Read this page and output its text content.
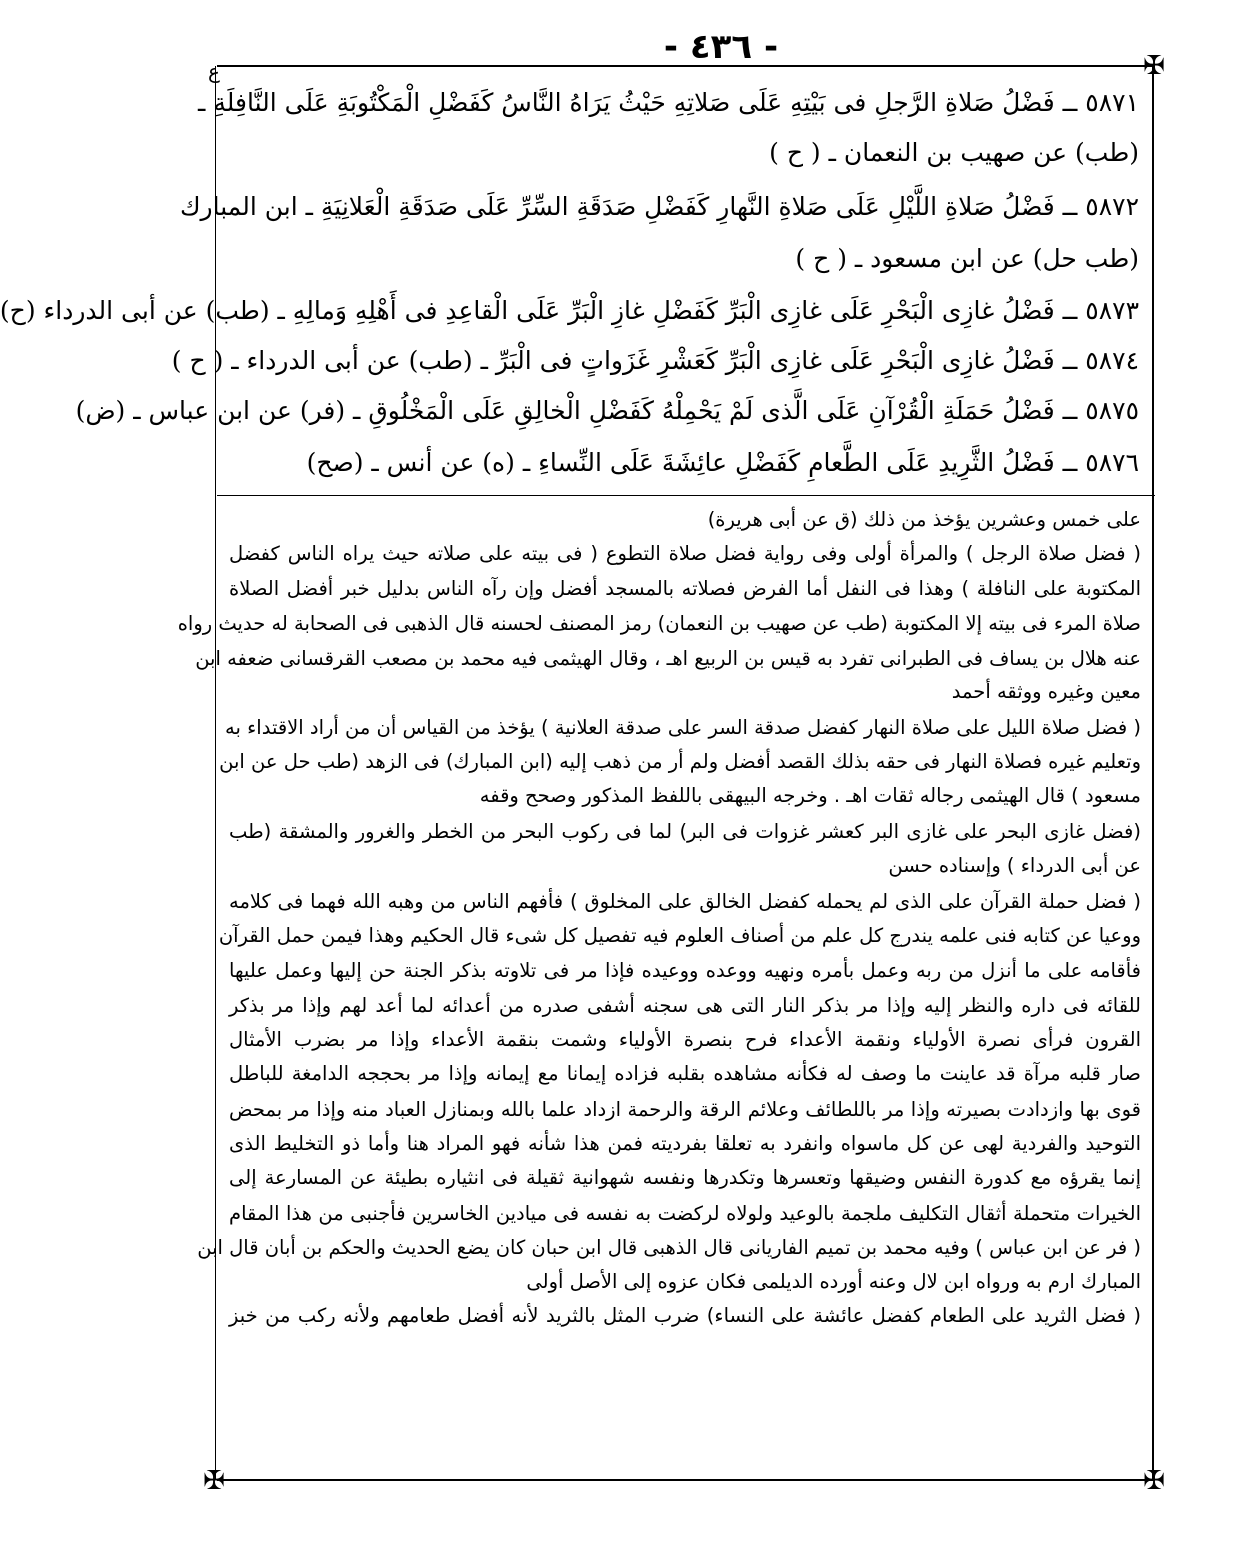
- ٤٣٦ -	✠
✠
✠
ع
٥٨٧١ ــ فَضْلُ صَلاةِ الرَّجلِ فى بَيْتِهِ عَلَى صَلاتِهِ حَيْثُ يَرَاهُ النَّاسُ كَفَضْلِ الْمَكْتُوبَةِ عَلَى النَّافِلَةِ ـ
(طب) عن صهيب بن النعمان ـ ( ح )
٥٨٧٢ ــ فَضْلُ صَلاةِ اللَّيْلِ عَلَى صَلاةِ النَّهارِ كَفَضْلِ صَدَقَةِ السِّرِّ عَلَى صَدَقَةِ الْعَلانِيَةِ ـ ابن المبارك
(طب حل) عن ابن مسعود ـ ( ح )
٥٨٧٣ ــ فَضْلُ غازِى الْبَحْرِ عَلَى غازِى الْبَرِّ كَفَضْلِ غازِ الْبَرِّ عَلَى الْقاعِدِ فى أَهْلِهِ وَمالِهِ ـ (طب) عن أبى الدرداء (ح)
٥٨٧٤ ــ فَضْلُ غازِى الْبَحْرِ عَلَى غازِى الْبَرِّ كَعَشْرِ غَزَواتٍ فى الْبَرِّ ـ (طب) عن أبى الدرداء ـ ( ح )
٥٨٧٥ ــ فَضْلُ حَمَلَةِ الْقُرْآنِ عَلَى الَّذى لَمْ يَحْمِلْهُ كَفَضْلِ الْخالِقِ عَلَى الْمَخْلُوقِ ـ (فر) عن ابن عباس ـ (ض)
٥٨٧٦ ــ فَضْلُ الثَّرِيدِ عَلَى الطَّعامِ كَفَضْلِ عائِشَةَ عَلَى النِّساءِ ـ (ه) عن أنس ـ (صح)
على خمس وعشرين يؤخذ من ذلك (ق عن أبى هريرة)
( فضل صلاة الرجل ) والمرأة أولى وفى رواية فضل صلاة التطوع ( فى بيته على صلاته حيث يراه الناس كفضل
المكتوبة على النافلة ) وهذا فى النفل أما الفرض فصلاته بالمسجد أفضل وإن رآه الناس بدليل خبر أفضل الصلاة
صلاة المرء فى بيته إلا المكتوبة (طب عن صهيب بن النعمان) رمز المصنف لحسنه قال الذهبى فى الصحابة له حديث رواه
عنه هلال بن يساف فى الطبرانى تفرد به قيس بن الربيع اهـ ، وقال الهيثمى فيه محمد بن مصعب القرقسانى ضعفه ابن
معين وغيره ووثقه أحمد
( فضل صلاة الليل على صلاة النهار كفضل صدقة السر على صدقة العلانية ) يؤخذ من القياس أن من أراد الاقتداء به
وتعليم غيره فصلاة النهار فى حقه بذلك القصد أفضل ولم أر من ذهب إليه (ابن المبارك) فى الزهد (طب حل عن ابن
مسعود ) قال الهيثمى رجاله ثقات اهـ . وخرجه البيهقى باللفظ المذكور وصحح وقفه
(فضل غازى البحر على غازى البر كعشر غزوات فى البر) لما فى ركوب البحر من الخطر والغرور والمشقة (طب
عن أبى الدرداء ) وإسناده حسن
( فضل حملة القرآن على الذى لم يحمله كفضل الخالق على المخلوق ) فأفهم الناس من وهبه الله فهما فى كلامه
ووعيا عن كتابه فنى علمه يندرج كل علم من أصناف العلوم فيه تفصيل كل شىء قال الحكيم وهذا فيمن حمل القرآن
فأقامه على ما أنزل من ربه وعمل بأمره ونهيه ووعده ووعيده فإذا مر فى تلاوته بذكر الجنة حن إليها وعمل عليها
للقائه فى داره والنظر إليه وإذا مر بذكر النار التى هى سجنه أشفى صدره من أعدائه لما أعد لهم وإذا مر بذكر
القرون فرأى نصرة الأولياء ونقمة الأعداء فرح بنصرة الأولياء وشمت بنقمة الأعداء وإذا مر بضرب الأمثال
صار قلبه مرآة قد عاينت ما وصف له فكأنه مشاهده بقلبه فزاده إيمانا مع إيمانه وإذا مر بحججه الدامغة للباطل
قوى بها وازدادت بصيرته وإذا مر باللطائف وعلائم الرقة والرحمة ازداد علما بالله وبمنازل العباد منه وإذا مر بمحض
التوحيد والفردية لهى عن كل ماسواه وانفرد به تعلقا بفرديته فمن هذا شأنه فهو المراد هنا وأما ذو التخليط الذى
إنما يقرؤه مع كدورة النفس وضيقها وتعسرها وتكدرها ونفسه شهوانية ثقيلة فى انثياره بطيئة عن المسارعة إلى
الخيرات متحملة أثقال التكليف ملجمة بالوعيد ولولاه لركضت به نفسه فى ميادين الخاسرين فأجنبى من هذا المقام
( فر عن ابن عباس ) وفيه محمد بن تميم الفاريانى قال الذهبى قال ابن حبان كان يضع الحديث والحكم بن أبان قال ابن
المبارك ارم به ورواه ابن لال وعنه أورده الديلمى فكان عزوه إلى الأصل أولى
( فضل الثريد على الطعام كفضل عائشة على النساء) ضرب المثل بالثريد لأنه أفضل طعامهم ولأنه ركب من خبز
